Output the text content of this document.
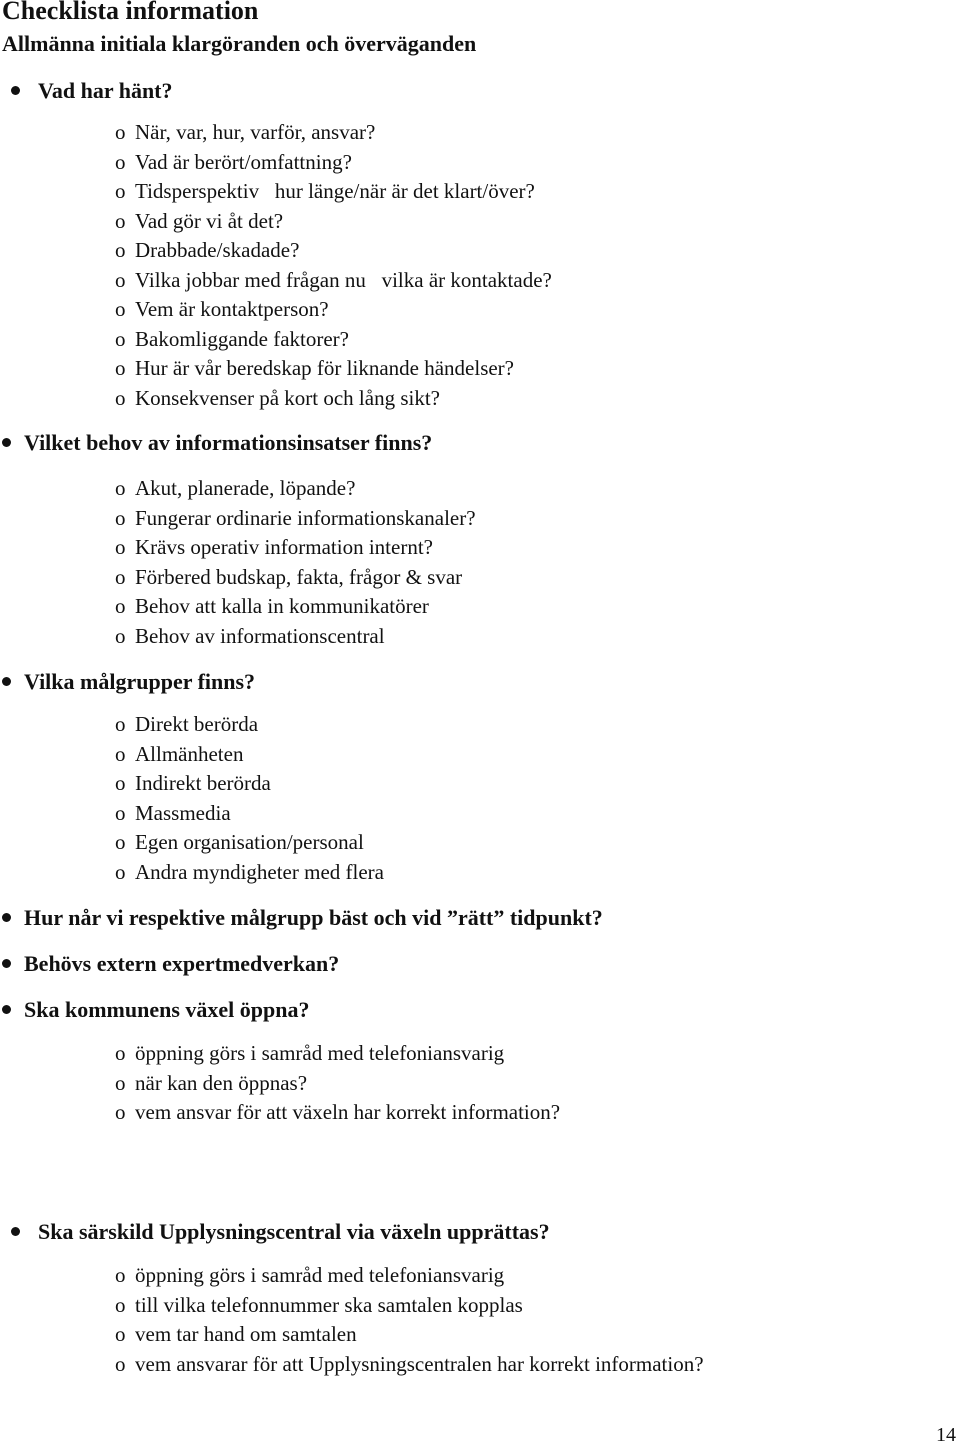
Checklista information
Allmänna initiala klargöranden och överväganden
Vad har hänt?
o När, var, hur, varför, ansvar?
o Vad är berört/omfattning?
o Tidsperspektiv   hur länge/när är det klart/över?
o Vad gör vi åt det?
o Drabbade/skadade?
o Vilka jobbar med frågan nu   vilka är kontaktade?
o Vem är kontaktperson?
o Bakomliggande faktorer?
o Hur är vår beredskap för liknande händelser?
o Konsekvenser på kort och lång sikt?
Vilket behov av informationsinsatser finns?
o Akut, planerade, löpande?
o Fungerar ordinarie informationskanaler?
o Krävs operativ information internt?
o Förbered budskap, fakta, frågor & svar
o Behov att kalla in kommunikatörer
o Behov av informationscentral
Vilka målgrupper finns?
o Direkt berörda
o Allmänheten
o Indirekt berörda
o Massmedia
o Egen organisation/personal
o Andra myndigheter med flera
Hur når vi respektive målgrupp bäst och vid ”rätt” tidpunkt?
Behövs extern expertmedverkan?
Ska kommunens växel öppna?
o öppning görs i samråd med telefoniansvarig
o när kan den öppnas?
o vem ansvar för att växeln har korrekt information?
Ska särskild Upplysningscentral via växeln upprättas?
o öppning görs i samråd med telefoniansvarig
o till vilka telefonnummer ska samtalen kopplas
o vem tar hand om samtalen
o vem ansvarar för att Upplysningscentralen har korrekt information?
14
